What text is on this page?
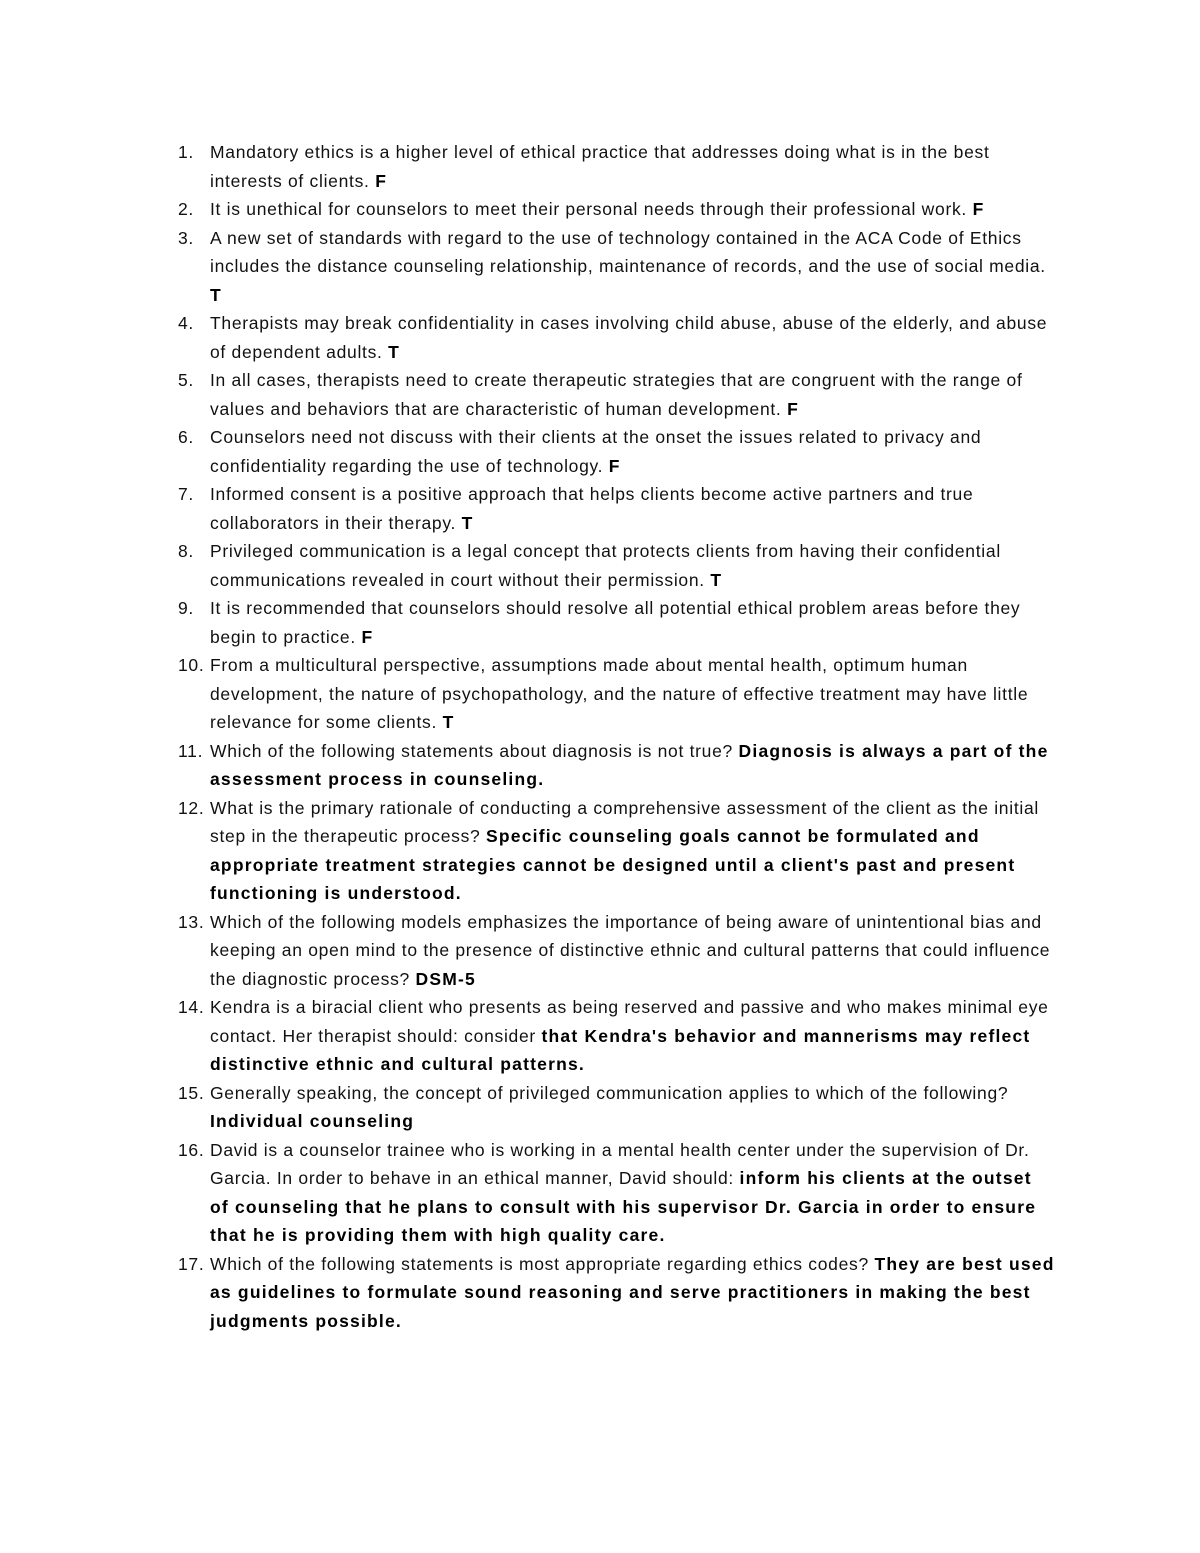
1. Mandatory ethics is a higher level of ethical practice that addresses doing what is in the best interests of clients. F
2. It is unethical for counselors to meet their personal needs through their professional work. F
3. A new set of standards with regard to the use of technology contained in the ACA Code of Ethics includes the distance counseling relationship, maintenance of records, and the use of social media. T
4. Therapists may break confidentiality in cases involving child abuse, abuse of the elderly, and abuse of dependent adults. T
5. In all cases, therapists need to create therapeutic strategies that are congruent with the range of values and behaviors that are characteristic of human development. F
6. Counselors need not discuss with their clients at the onset the issues related to privacy and confidentiality regarding the use of technology. F
7. Informed consent is a positive approach that helps clients become active partners and true collaborators in their therapy. T
8. Privileged communication is a legal concept that protects clients from having their confidential communications revealed in court without their permission. T
9. It is recommended that counselors should resolve all potential ethical problem areas before they begin to practice. F
10. From a multicultural perspective, assumptions made about mental health, optimum human development, the nature of psychopathology, and the nature of effective treatment may have little relevance for some clients. T
11. Which of the following statements about diagnosis is not true? Diagnosis is always a part of the assessment process in counseling.
12. What is the primary rationale of conducting a comprehensive assessment of the client as the initial step in the therapeutic process? Specific counseling goals cannot be formulated and appropriate treatment strategies cannot be designed until a client's past and present functioning is understood.
13. Which of the following models emphasizes the importance of being aware of unintentional bias and keeping an open mind to the presence of distinctive ethnic and cultural patterns that could influence the diagnostic process? DSM-5
14. Kendra is a biracial client who presents as being reserved and passive and who makes minimal eye contact. Her therapist should: consider that Kendra's behavior and mannerisms may reflect distinctive ethnic and cultural patterns.
15. Generally speaking, the concept of privileged communication applies to which of the following? Individual counseling
16. David is a counselor trainee who is working in a mental health center under the supervision of Dr. Garcia. In order to behave in an ethical manner, David should: inform his clients at the outset of counseling that he plans to consult with his supervisor Dr. Garcia in order to ensure that he is providing them with high quality care.
17. Which of the following statements is most appropriate regarding ethics codes? They are best used as guidelines to formulate sound reasoning and serve practitioners in making the best judgments possible.
